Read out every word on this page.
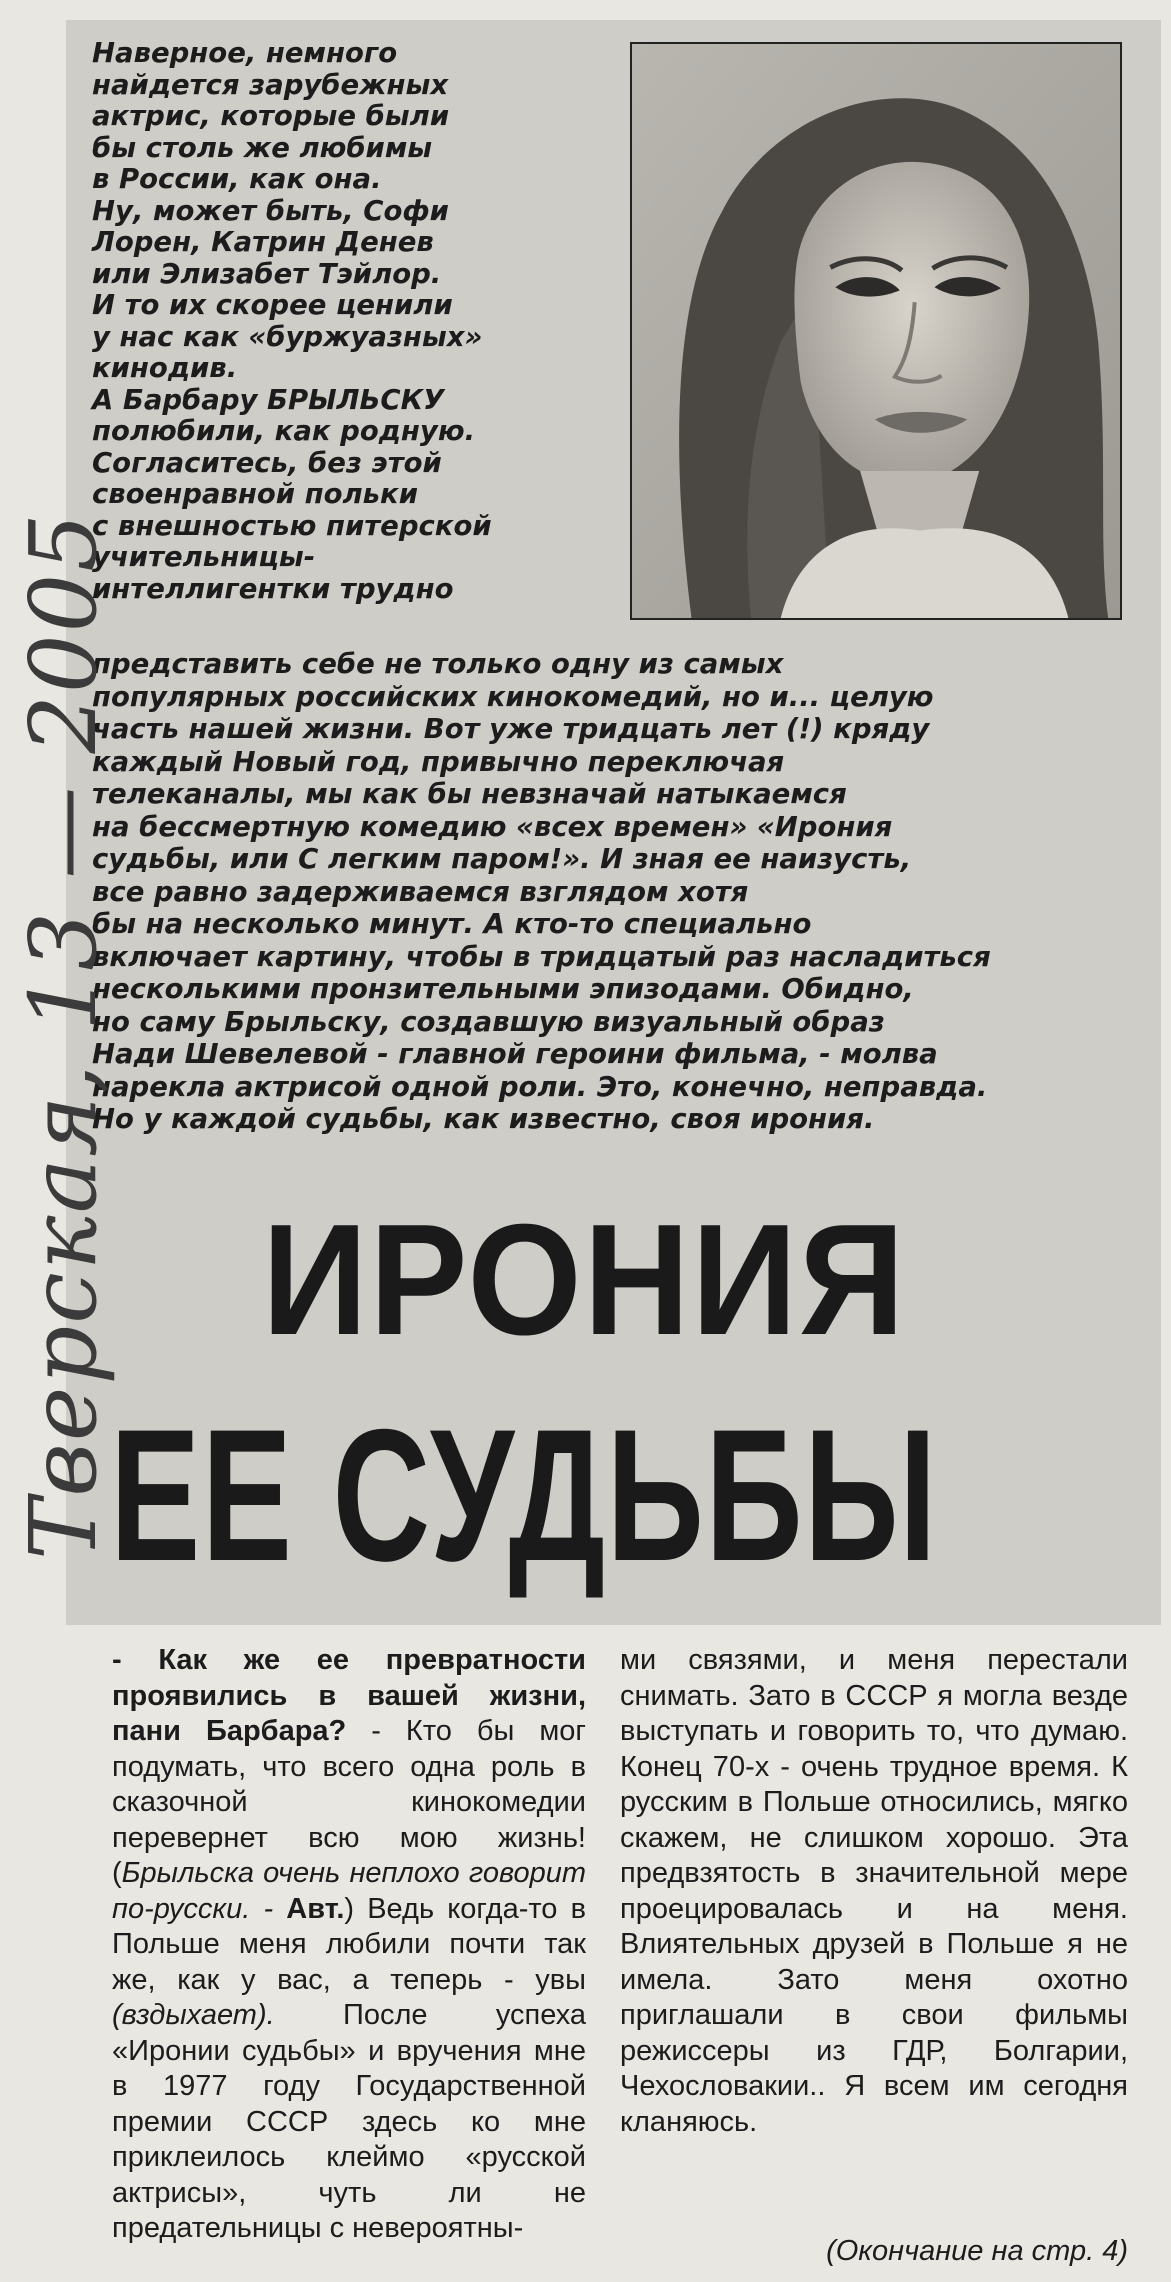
Наверное, немного

найдется зарубежных

актрис, которые были

бы столь же любимы

в России, как она.

Ну, может быть, Софи

Лорен, Катрин Денев

или Элизабет Тэйлор.

И то их скорее ценили

у нас как «буржуазных»

кинодив.

А Барбару БРЫЛЬСКУ

полюбили, как родную.

Согласитесь, без этой

своенравной польки

с внешностью питерской

учительницы-

интеллигентки трудно

представить себе не только одну из самых

популярных российских кинокомедий, но и... целую

часть нашей жизни. Вот уже тридцать лет (!) кряду

каждый Новый год, привычно переключая

телеканалы, мы как бы невзначай натыкаемся

на бессмертную комедию «всех времен» «Ирония

судьбы, или С легким паром!». И зная ее наизусть,

все равно задерживаемся взглядом хотя

бы на несколько минут. А кто-то специально

включает картину, чтобы в тридцатый раз насладиться

несколькими пронзительными эпизодами. Обидно,

но саму Брыльску, создавшую визуальный образ

Нади Шевелевой - главной героини фильма, - молва

нарекла актрисой одной роли. Это, конечно, неправда.

Но у каждой судьбы, как известно, своя ирония.

Тверская, 13 — 2005 ИРОНИЯ
ЕЕ СУДЬБЫ

- Как же ее превратности проявились в вашей жизни, пани Барбара? - Кто бы мог подумать, что всего одна роль в сказочной кинокомедии перевернет всю мою жизнь! (Брыльска очень неплохо говорит по-русски. - Авт.) Ведь когда-то в Польше меня любили почти так же, как у вас, а теперь - увы (вздыхает). После успеха «Иронии судьбы» и вручения мне в 1977 году Государственной премии СССР здесь ко мне приклеилось клеймо «русской актрисы», чуть ли не предательницы с невероятны-

ми связями, и меня перестали снимать. Зато в СССР я могла везде выступать и говорить то, что думаю. Конец 70-х - очень трудное время. К русским в Польше относились, мягко скажем, не слишком хорошо. Эта предвзятость в значительной мере проецировалась и на меня. Влиятельных друзей в Польше я не имела. Зато меня охотно приглашали в свои фильмы режиссеры из ГДР, Болгарии, Чехословакии.. Я всем им сегодня кланяюсь.

(Окончание на стр. 4)
